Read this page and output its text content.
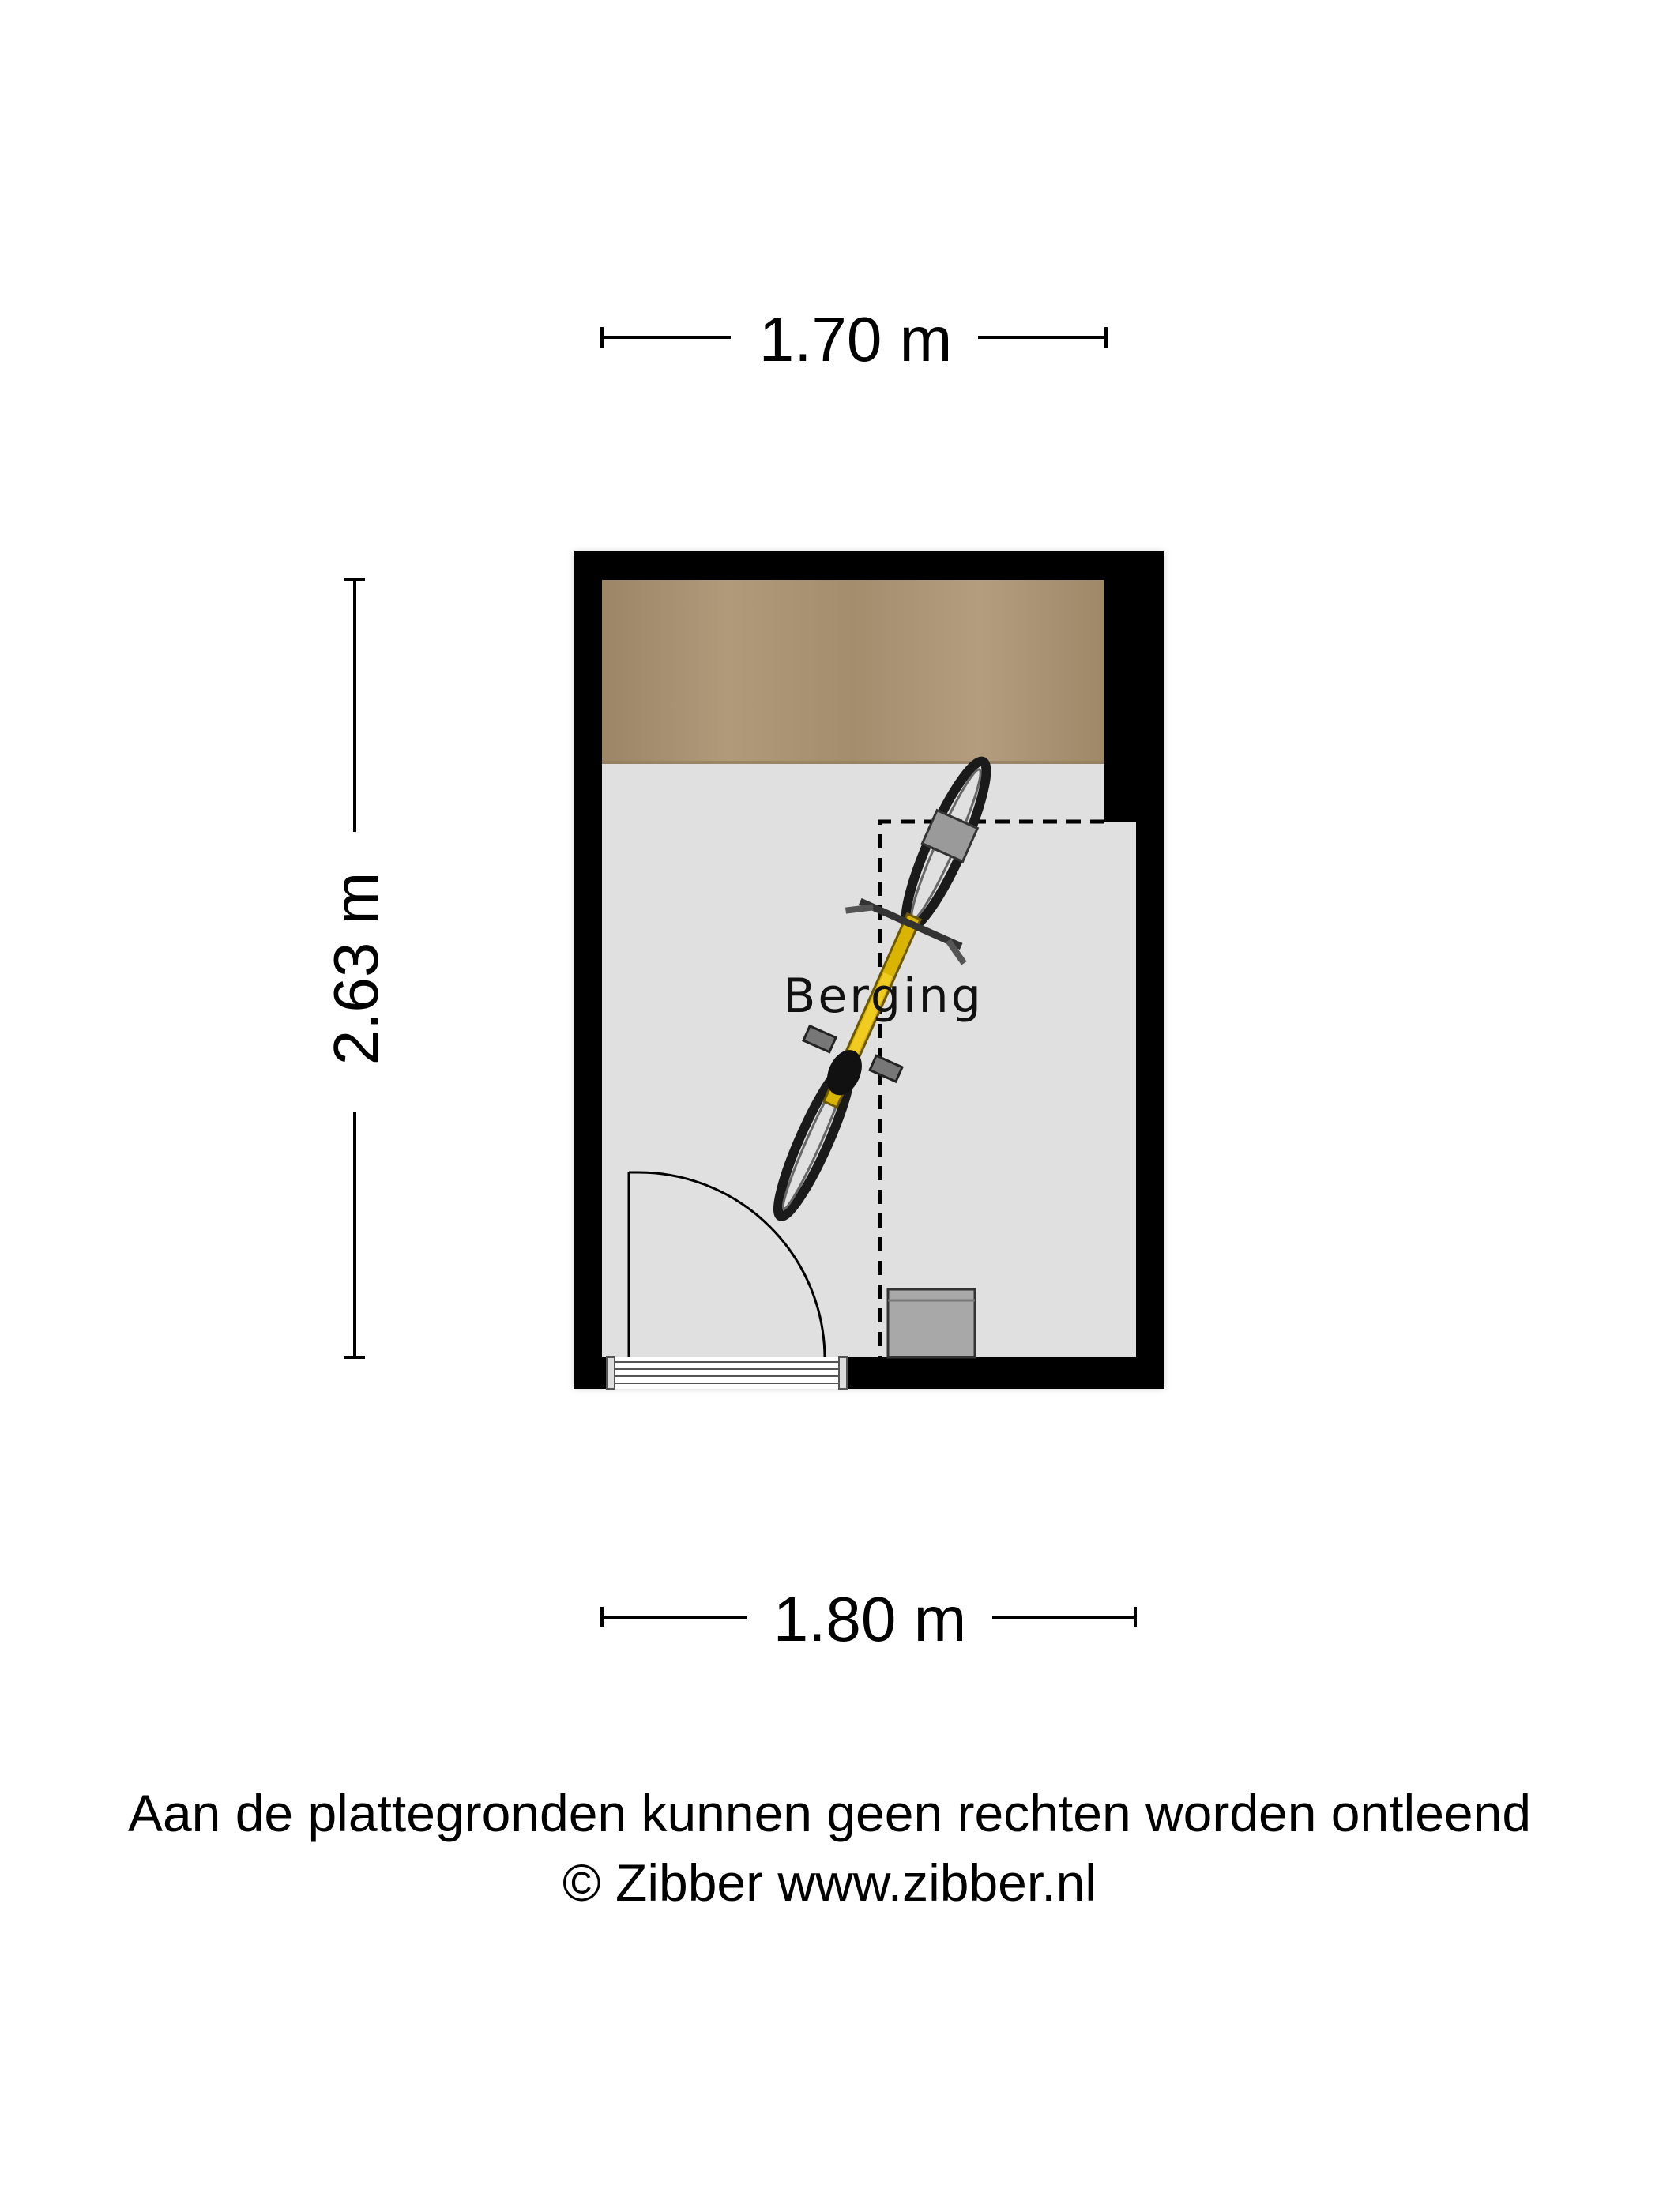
1.70 m
2.63 m
1.80 m
Berging
Aan de plattegronden kunnen geen rechten worden ontleend
© Zibber www.zibber.nl
